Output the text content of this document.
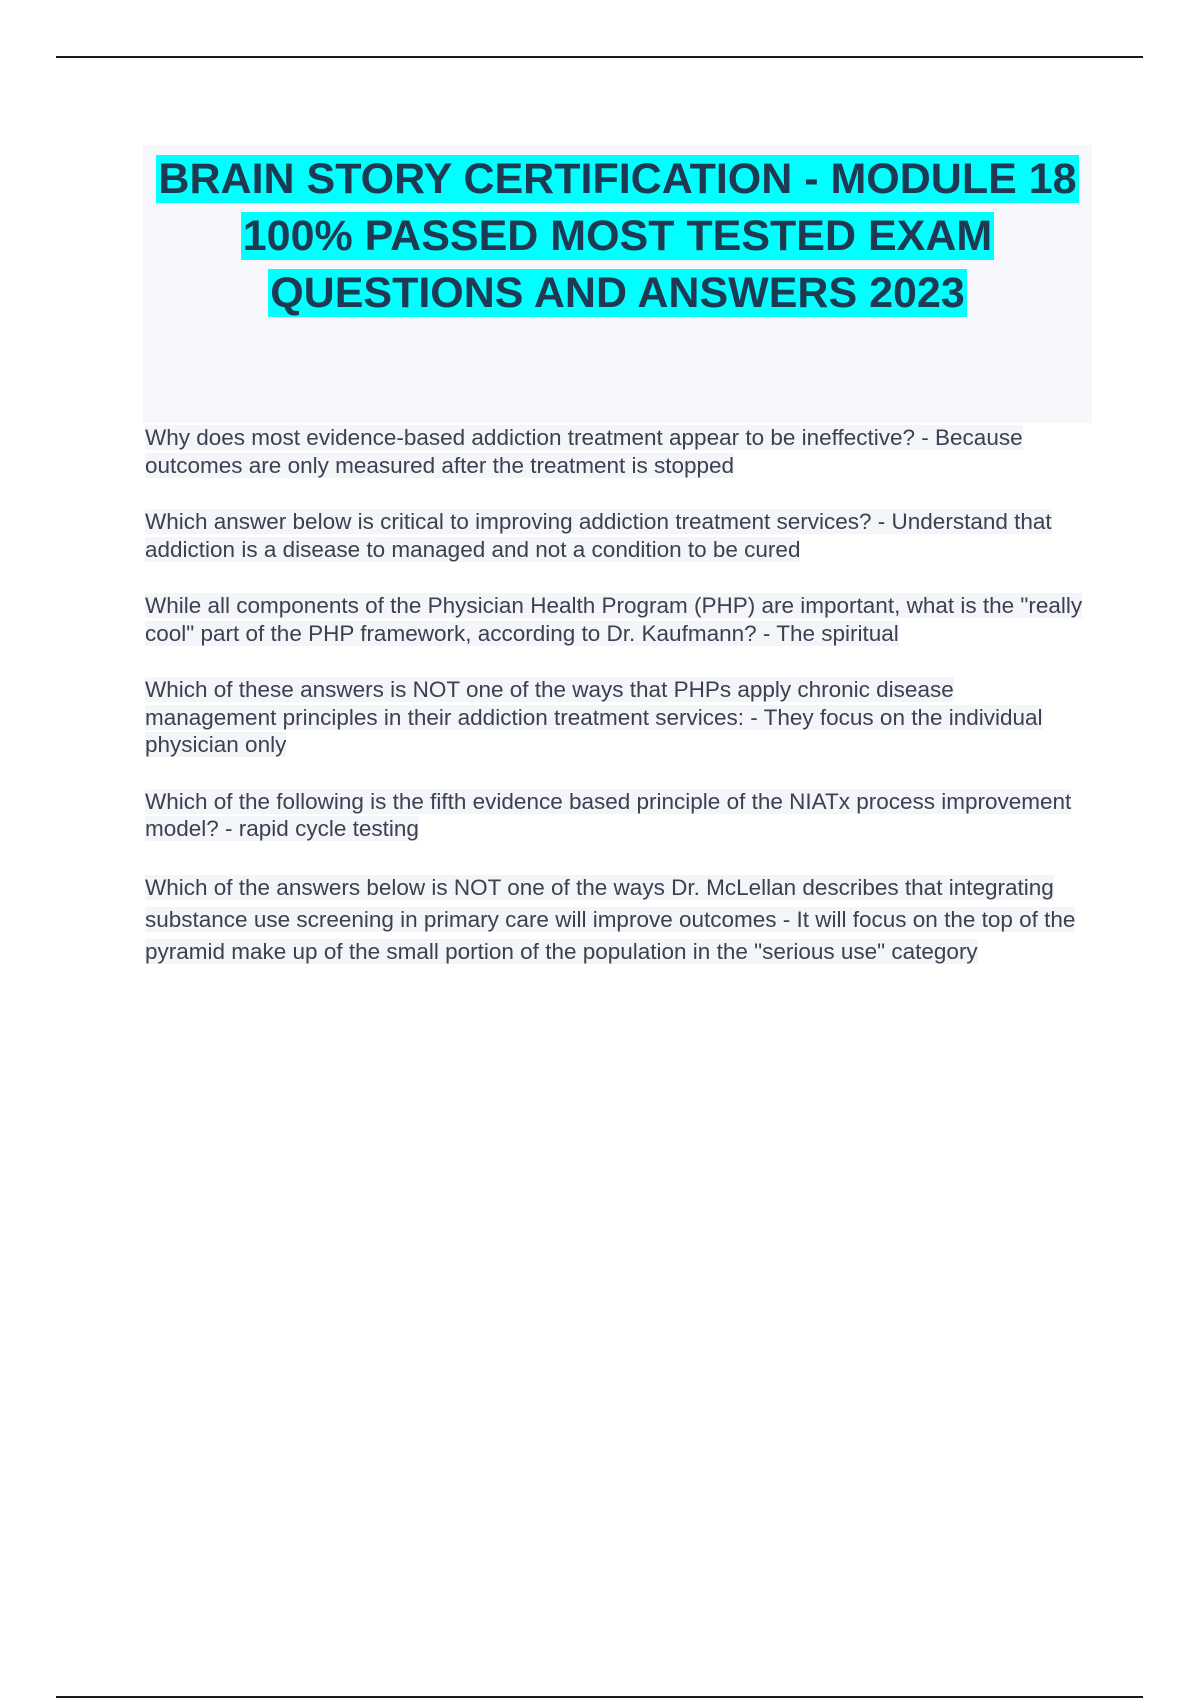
BRAIN STORY CERTIFICATION - MODULE 18 100% PASSED MOST TESTED EXAM QUESTIONS AND ANSWERS 2023

Why does most evidence-based addiction treatment appear to be ineffective? - Because outcomes are only measured after the treatment is stopped

Which answer below is critical to improving addiction treatment services? - Understand that addiction is a disease to managed and not a condition to be cured

While all components of the Physician Health Program (PHP) are important, what is the "really cool" part of the PHP framework, according to Dr. Kaufmann? - The spiritual

Which of these answers is NOT one of the ways that PHPs apply chronic disease management principles in their addiction treatment services: - They focus on the individual physician only

Which of the following is the fifth evidence based principle of the NIATx process improvement model? - rapid cycle testing

Which of the answers below is NOT one of the ways Dr. McLellan describes that integrating substance use screening in primary care will improve outcomes - It will focus on the top of the pyramid make up of the small portion of the population in the "serious use" category
